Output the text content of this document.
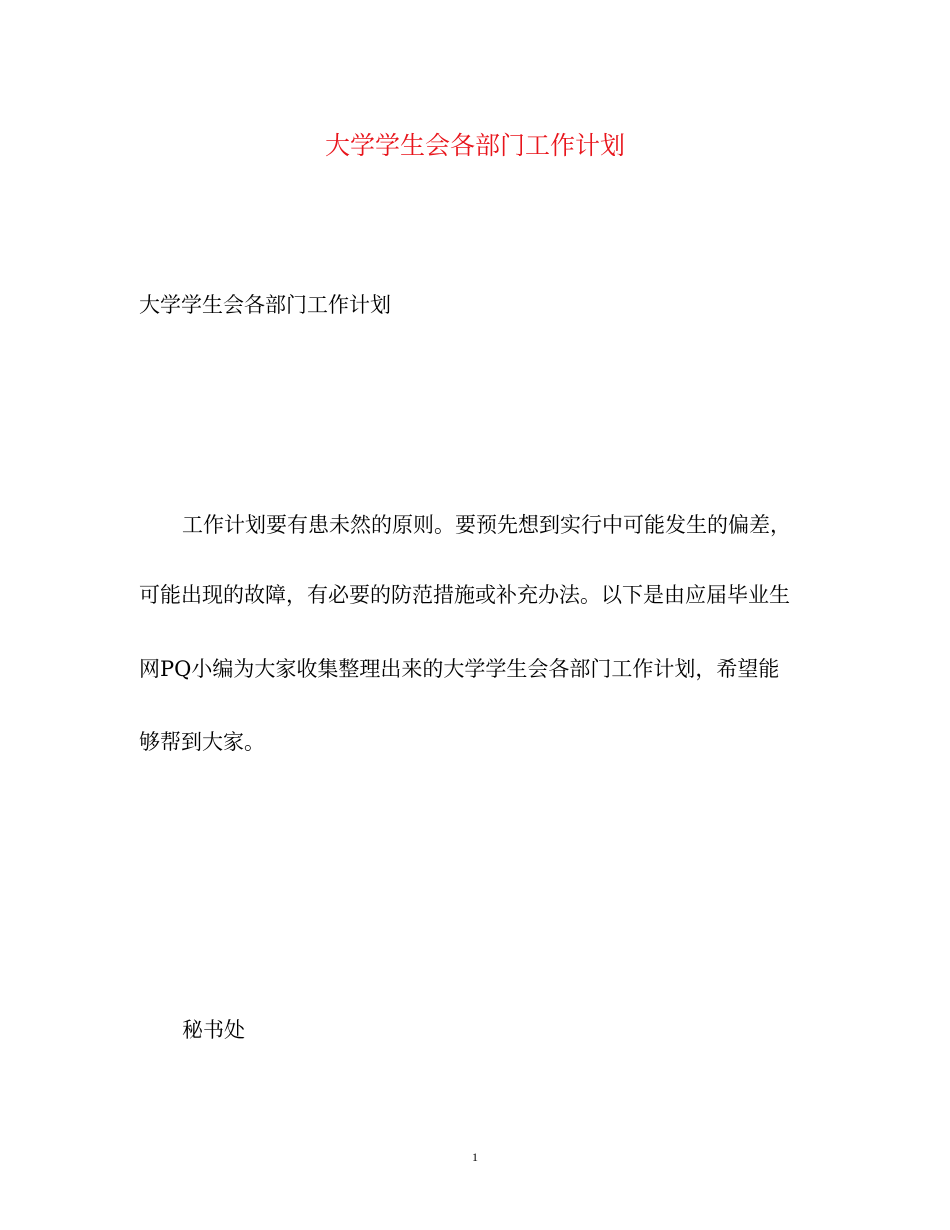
大学学生会各部门工作计划
大学学生会各部门工作计划
工作计划要有患未然的原则。要预先想到实行中可能发生的偏差，
可能出现的故障，有必要的防范措施或补充办法。以下是由应届毕业生
网PQ小编为大家收集整理出来的大学学生会各部门工作计划，希望能
够帮到大家。
秘书处
1
